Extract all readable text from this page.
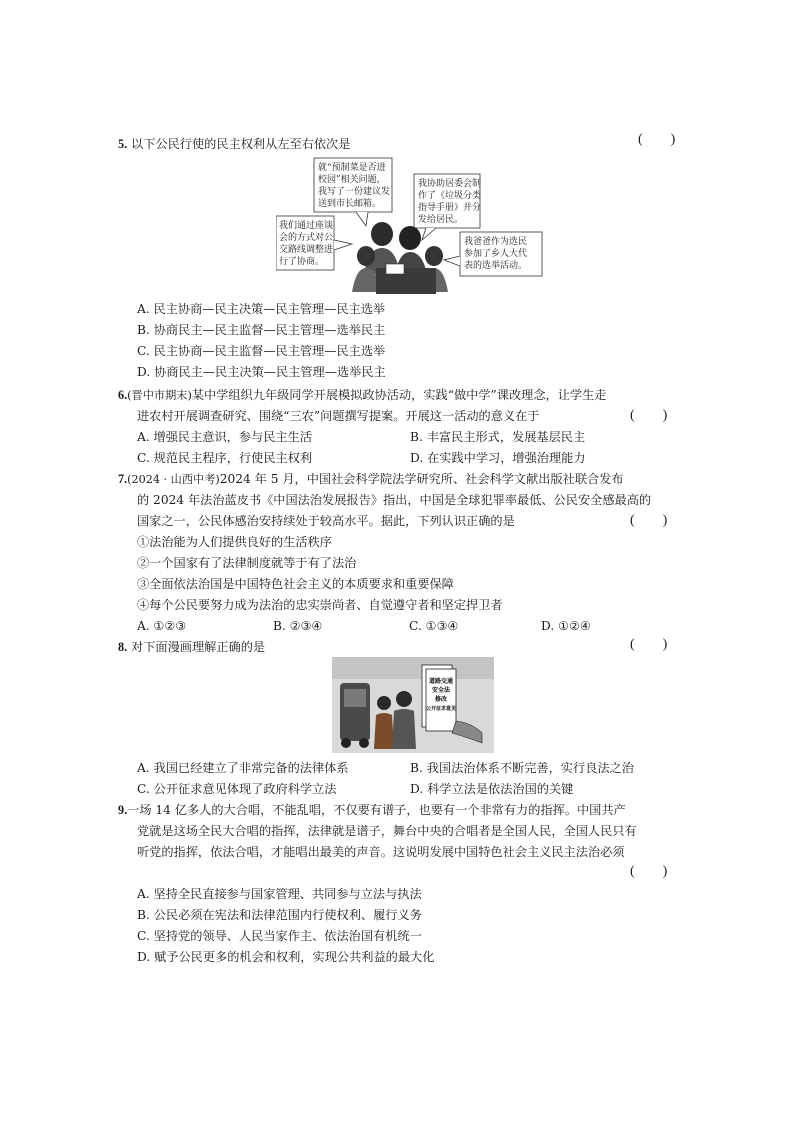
5. 以下公民行使的民主权利从左至右依次是	(　　)
就“预制菜是否进
校园”相关问题，
我写了一份建议发
送到市长邮箱。
我协助居委会制
作了《垃圾分类
指导手册》并分
发给居民。
我们通过座谈
会的方式对公
交路线调整进
行了协商。
我爸爸作为选民
参加了乡人大代
表的选举活动。
A. 民主协商—民主决策—民主管理—民主选举
B. 协商民主—民主监督—民主管理—选举民主
C. 民主协商—民主监督—民主管理—民主选举
D. 协商民主—民主决策—民主管理—选举民主
6.(晋中市期末)某中学组织九年级同学开展模拟政协活动，实践“做中学”课改理念，让学生走
进农村开展调查研究、围绕“三农”问题撰写提案。开展这一活动的意义在于	(　　)
A. 增强民主意识，参与民主生活	B. 丰富民主形式，发展基层民主
C. 规范民主程序，行使民主权利	D. 在实践中学习，增强治理能力
7.(2024 · 山西中考)2024 年 5 月，中国社会科学院法学研究所、社会科学文献出版社联合发布
的 2024 年法治蓝皮书《中国法治发展报告》指出，中国是全球犯罪率最低、公民安全感最高的
国家之一，公民体感治安持续处于较高水平。据此，下列认识正确的是	(　　)
①法治能为人们提供良好的生活秩序
②一个国家有了法律制度就等于有了法治
③全面依法治国是中国特色社会主义的本质要求和重要保障
④每个公民要努力成为法治的忠实崇尚者、自觉遵守者和坚定捍卫者
A. ①②③	B. ②③④	C. ①③④	D. ①②④
8. 对下面漫画理解正确的是	(　　)
道路交通
安全法
修改
公开征求意见
A. 我国已经建立了非常完备的法律体系	B. 我国法治体系不断完善，实行良法之治
C. 公开征求意见体现了政府科学立法	D. 科学立法是依法治国的关键
9.一场 14 亿多人的大合唱，不能乱唱，不仅要有谱子，也要有一个非常有力的指挥。中国共产
党就是这场全民大合唱的指挥，法律就是谱子，舞台中央的合唱者是全国人民，全国人民只有
听党的指挥，依法合唱，才能唱出最美的声音。这说明发展中国特色社会主义民主法治必须
(　　)
A. 坚持全民直接参与国家管理、共同参与立法与执法
B. 公民必须在宪法和法律范围内行使权利、履行义务
C. 坚持党的领导、人民当家作主、依法治国有机统一
D. 赋予公民更多的机会和权利，实现公共利益的最大化
